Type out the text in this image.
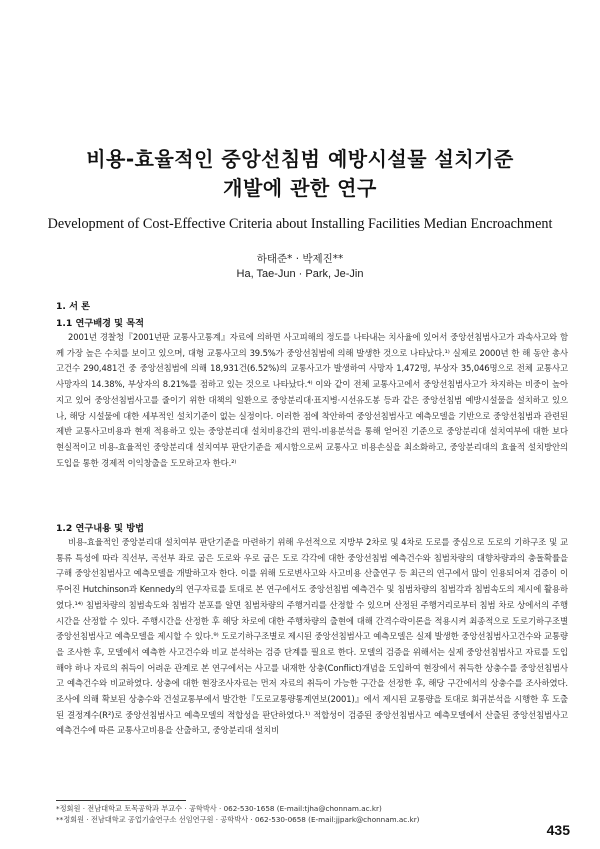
비용-효율적인 중앙선침범 예방시설물 설치기준
개발에 관한 연구
Development of Cost-Effective Criteria about Installing Facilities Median Encroachment
하태준* · 박제진**
Ha, Tae-Jun · Park, Je-Jin
1. 서 론
1.1 연구배경 및 목적

2001년 경찰청『2001년판 교통사고통계』자료에 의하면 사고피해의 정도를 나타내는 치사율에 있어서 중앙선침범사고가 과속사고와 함께 가장 높은 수치를 보이고 있으며, 대형 교통사고의 39.5%가 중앙선침범에 의해 발생한 것으로 나타났다.¹⁾ 실제로 2000년 한 해 동안 총사고건수 290,481건 중 중앙선침범에 의해 18,931건(6.52%)의 교통사고가 발생하여 사망자 1,472명, 부상자 35,046명으로 전체 교통사고 사망자의 14.38%, 부상자의 8.21%를 점하고 있는 것으로 나타났다.⁴⁾ 이와 같이 전체 교통사고에서 중앙선침범사고가 차지하는 비중이 높아지고 있어 중앙선침범사고를 줄이기 위한 대책의 일환으로 중앙분리대·표지병·시선유도봉 등과 같은 중앙선침범 예방시설물을 설치하고 있으나, 해당 시설물에 대한 세부적인 설치기준이 없는 실정이다. 이러한 점에 착안하여 중앙선침범사고 예측모델을 기반으로 중앙선침범과 관련된 제반 교통사고비용과 현재 적용하고 있는 중앙분리대 설치비용간의 편익-비용분석을 통해 얻어진 기준으로 중앙분리대 설치여부에 대한 보다 현실적이고 비용-효율적인 중앙분리대 설치여부 판단기준을 제시함으로써 교통사고 비용손실을 최소화하고, 중앙분리대의 효율적 설치방안의 도입을 통한 경제적 이익창출을 도모하고자 한다.²⁾

1.2 연구내용 및 방법

비용-효율적인 중앙분리대 설치여부 판단기준을 마련하기 위해 우선적으로 지방부 2차로 및 4차로 도로를 중심으로 도로의 기하구조 및 교통류 특성에 따라 직선부, 곡선부 좌로 굽은 도로와 우로 굽은 도로 각각에 대한 중앙선침범 예측건수와 침범차량의 대향차량과의 충돌확률을 구해 중앙선침범사고 예측모델을 개발하고자 한다. 이를 위해 도로변사고와 사고비용 산출연구 등 최근의 연구에서 많이 인용되어져 검증이 이루어진 Hutchinson과 Kennedy의 연구자료를 토대로 본 연구에서도 중앙선침범 예측건수 및 침범차량의 침범각과 침범속도의 제시에 활용하였다.¹⁴⁾ 침범차량의 침범속도와 침범각 분포를 알면 침범차량의 주행거리를 산정할 수 있으며 산정된 주행거리로부터 침범 차로 상에서의 주행시간을 산정할 수 있다. 주행시간을 산정한 후 해당 차로에 대한 주행차량의 출현에 대해 간격수락이론을 적용시켜 최종적으로 도로기하구조별 중앙선침범사고 예측모델을 제시할 수 있다.⁹⁾ 도로기하구조별로 제시된 중앙선침범사고 예측모델은 실제 발생한 중앙선침범사고건수와 교통량을 조사한 후, 모델에서 예측한 사고건수와 비교 분석하는 검증 단계를 필요로 한다. 모델의 검증을 위해서는 실제 중앙선침범사고 자료를 도입해야 하나 자료의 취득이 어려운 관계로 본 연구에서는 사고를 내재한 상충(Conflict)개념을 도입하여 현장에서 취득한 상충수를 중앙선침범사고 예측건수와 비교하였다. 상충에 대한 현장조사자료는 먼저 자료의 취득이 가능한 구간을 선정한 후, 해당 구간에서의 상충수를 조사하였다. 조사에 의해 확보된 상충수와 건설교통부에서 발간한『도로교통량통계연보(2001)』에서 제시된 교통량을 토대로 회귀분석을 시행한 후 도출된 결정계수(R²)로 중앙선침범사고 예측모델의 적합성을 판단하였다.¹⁾ 적합성이 검증된 중앙선침범사고 예측모델에서 산출된 중앙선침범사고 예측건수에 따른 교통사고비용을 산출하고, 중앙분리대 설치비

*정회원 · 전남대학교 토목공학과 부교수 · 공학박사 · 062-530-1658 (E-mail:tjha@chonnam.ac.kr)
**정회원 · 전남대학교 공업기술연구소 선임연구원 · 공학박사 · 062-530-0658 (E-mail:jjpark@chonnam.ac.kr)
435
